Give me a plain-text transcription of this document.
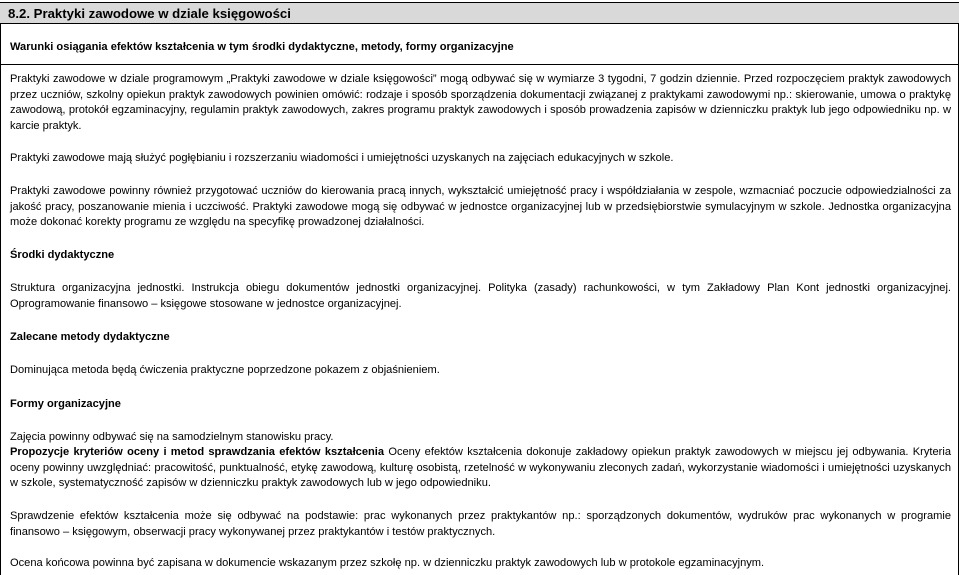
8.2. Praktyki zawodowe w dziale księgowości

Warunki osiągania efektów kształcenia w tym środki dydaktyczne, metody, formy organizacyjne

Praktyki zawodowe w dziale programowym „Praktyki zawodowe w dziale księgowości” mogą odbywać się w wymiarze 3 tygodni, 7 godzin dziennie. Przed rozpoczęciem praktyk zawodowych przez uczniów, szkolny opiekun praktyk zawodowych powinien omówić: rodzaje i sposób sporządzenia dokumentacji związanej z praktykami zawodowymi np.: skierowanie, umowa o praktykę zawodową, protokół egzaminacyjny, regulamin praktyk zawodowych, zakres programu praktyk zawodowych i sposób prowadzenia zapisów w dzienniczku praktyk lub jego odpowiedniku np. w karcie praktyk.

Praktyki zawodowe mają służyć pogłębianiu i rozszerzaniu wiadomości i umiejętności uzyskanych na zajęciach edukacyjnych w szkole.

Praktyki zawodowe powinny również przygotować uczniów do kierowania pracą innych, wykształcić umiejętność pracy i współdziałania w zespole, wzmacniać poczucie odpowiedzialności za jakość pracy, poszanowanie mienia i uczciwość. Praktyki zawodowe mogą się odbywać w jednostce organizacyjnej lub w przedsiębiorstwie symulacyjnym w szkole. Jednostka organizacyjna może dokonać korekty programu ze względu na specyfikę prowadzonej działalności.

Środki dydaktyczne

Struktura organizacyjna jednostki. Instrukcja obiegu dokumentów jednostki organizacyjnej. Polityka (zasady) rachunkowości, w tym Zakładowy Plan Kont jednostki organizacyjnej. Oprogramowanie finansowo – księgowe stosowane w jednostce organizacyjnej.

Zalecane metody dydaktyczne

Dominująca metoda będą ćwiczenia praktyczne poprzedzone pokazem z objaśnieniem.

Formy organizacyjne

Zajęcia powinny odbywać się na samodzielnym stanowisku pracy.

Propozycje kryteriów oceny i metod sprawdzania efektów kształcenia Oceny efektów kształcenia dokonuje zakładowy opiekun praktyk zawodowych w miejscu jej odbywania. Kryteria oceny powinny uwzględniać: pracowitość, punktualność, etykę zawodową, kulturę osobistą, rzetelność w wykonywaniu zleconych zadań, wykorzystanie wiadomości i umiejętności uzyskanych w szkole, systematyczność zapisów w dzienniczku praktyk zawodowych lub w jego odpowiedniku.

Sprawdzenie efektów kształcenia może się odbywać na podstawie: prac wykonanych przez praktykantów np.: sporządzonych dokumentów, wydruków prac wykonanych w programie finansowo – księgowym, obserwacji pracy wykonywanej przez praktykantów i testów praktycznych.

Ocena końcowa powinna być zapisana w dokumencie wskazanym przez szkołę np. w dzienniczku praktyk zawodowych lub w protokole egzaminacyjnym.
